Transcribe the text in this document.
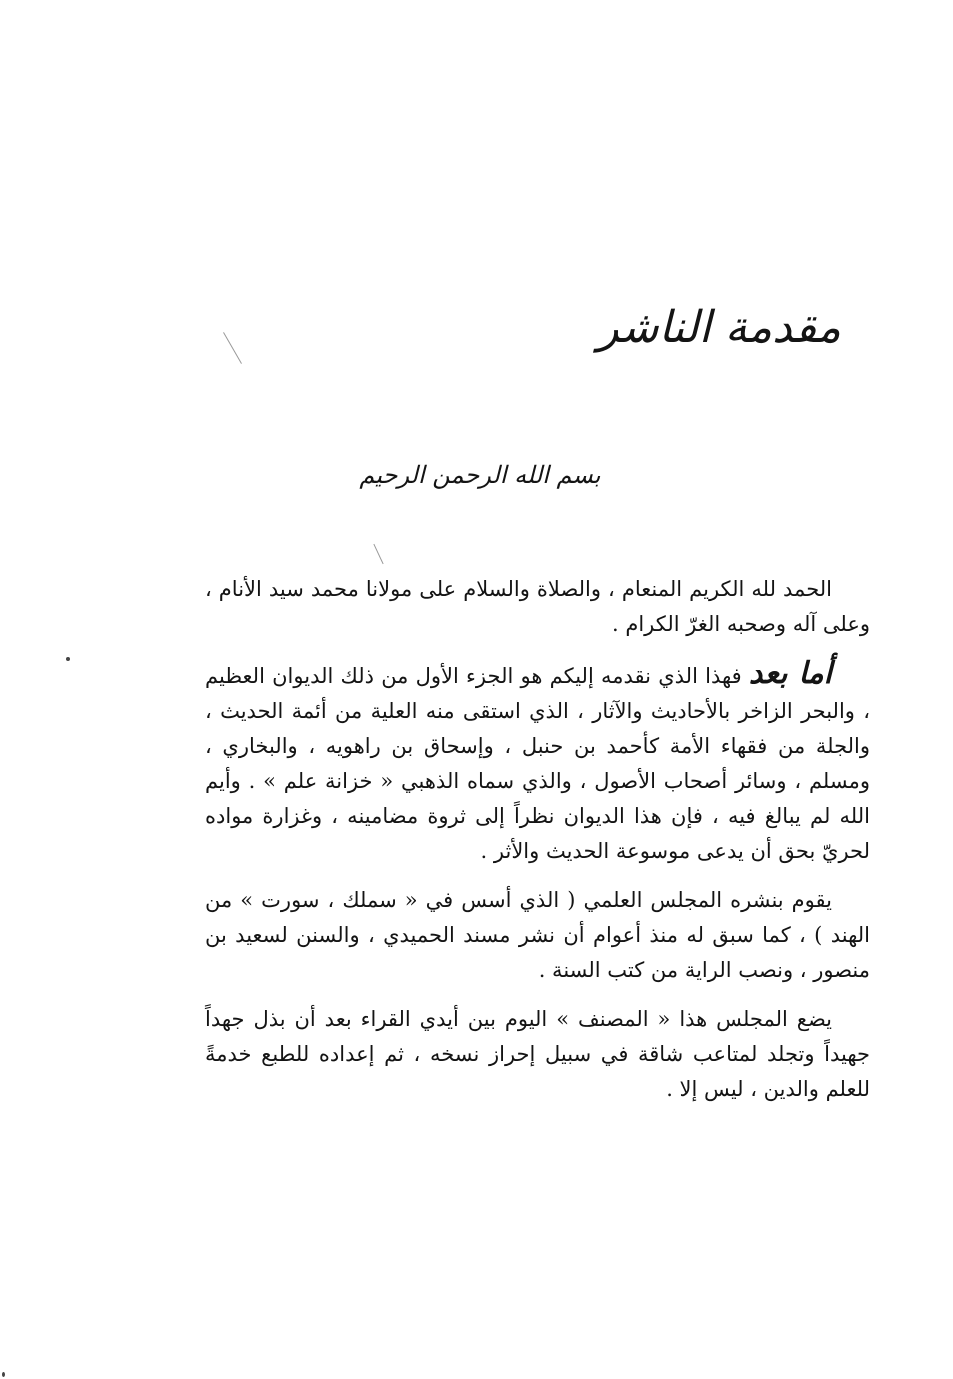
مقدمة الناشر
بسم الله الرحمن الرحيم

الحمد لله الكريم المنعام ، والصلاة والسلام على مولانا محمد سيد الأنام ، وعلى آله وصحبه الغرّ الكرام .

أما بعد فهذا الذي نقدمه إليكم هو الجزء الأول من ذلك الديوان العظيم ، والبحر الزاخر بالأحاديث والآثار ، الذي استقى منه العلية من أئمة الحديث ، والجلة من فقهاء الأمة كأحمد بن حنبل ، وإسحاق بن راهويه ، والبخاري ، ومسلم ، وسائر أصحاب الأصول ، والذي سماه الذهبي « خزانة علم » . وأيم الله لم يبالغ فيه ، فإن هذا الديوان نظراً إلى ثروة مضامينه ، وغزارة مواده لحريّ بحق أن يدعى موسوعة الحديث والأثر .

يقوم بنشره المجلس العلمي ( الذي أسس في « سملك ، سورت » من الهند ) ، كما سبق له منذ أعوام أن نشر مسند الحميدي ، والسنن لسعيد بن منصور ، ونصب الراية من كتب السنة .

يضع المجلس هذا « المصنف » اليوم بين أيدي القراء بعد أن بذل جهداً جهيداً وتجلد لمتاعب شاقة في سبيل إحراز نسخه ، ثم إعداده للطبع خدمةً للعلم والدين ، ليس إلا .
